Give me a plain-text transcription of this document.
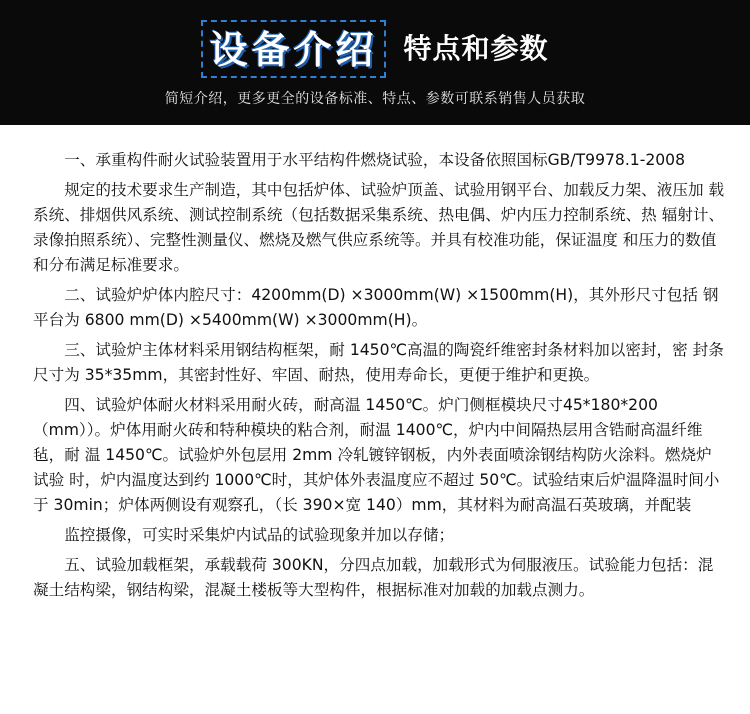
设备介绍 特点和参数
简短介绍，更多更全的设备标准、特点、参数可联系销售人员获取

一、承重构件耐火试验装置用于水平结构件燃烧试验，本设备依照国标GB/T9978.1-2008

规定的技术要求生产制造，其中包括炉体、试验炉顶盖、试验用钢平台、加载反力架、液压加 载系统、排烟供风系统、测试控制系统（包括数据采集系统、热电偶、炉内压力控制系统、热 辐射计、录像拍照系统）、完整性测量仪、燃烧及燃气供应系统等。并具有校准功能，保证温度 和压力的数值和分布满足标准要求。

二、试验炉炉体内腔尺寸：4200mm(D) ×3000mm(W) ×1500mm(H)，其外形尺寸包括 钢平台为 6800 mm(D) ×5400mm(W) ×3000mm(H)。

三、试验炉主体材料采用钢结构框架，耐 1450℃高温的陶瓷纤维密封条材料加以密封，密 封条尺寸为 35*35mm，其密封性好、牢固、耐热，使用寿命长，更便于维护和更换。

四、试验炉体耐火材料采用耐火砖，耐高温 1450℃。炉门侧框模块尺寸45*180*200（mm））。炉体用耐火砖和特种模块的粘合剂，耐温 1400℃，炉内中间隔热层用含锆耐高温纤维毡，耐 温 1450℃。试验炉外包层用 2mm 冷轧镀锌钢板，内外表面喷涂钢结构防火涂料。燃烧炉试验 时，炉内温度达到约 1000℃时，其炉体外表温度应不超过 50℃。试验结束后炉温降温时间小 于 30min；炉体两侧设有观察孔，（长 390×宽 140）mm，其材料为耐高温石英玻璃，并配装

监控摄像，可实时采集炉内试品的试验现象并加以存储；

五、试验加载框架，承载载荷 300KN，分四点加载，加载形式为伺服液压。试验能力包括：混凝土结构梁，钢结构梁，混凝土楼板等大型构件，根据标准对加载的加载点测力。
